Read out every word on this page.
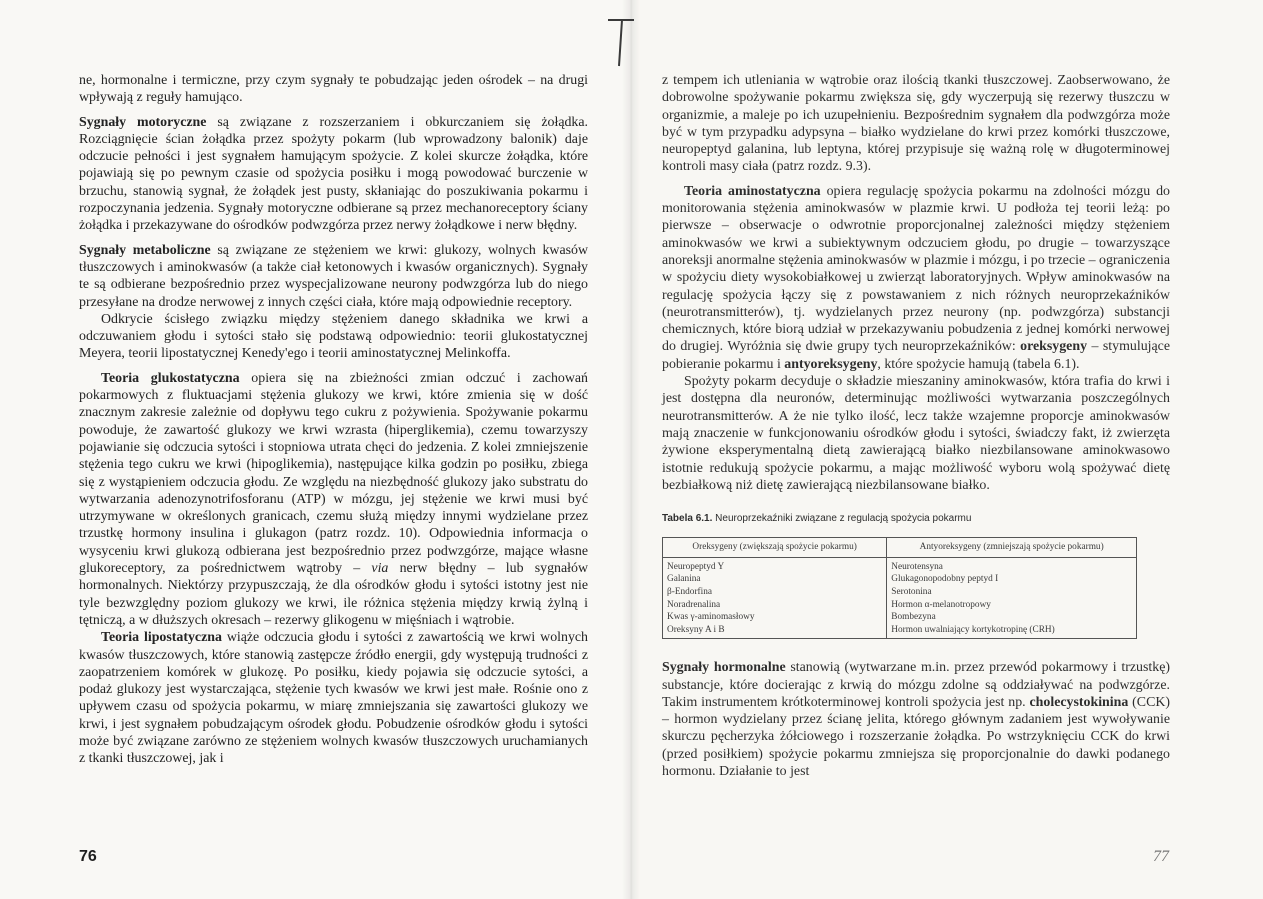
ne, hormonalne i termiczne, przy czym sygnały te pobudzając jeden ośrodek – na drugi wpływają z reguły hamująco.

Sygnały motoryczne są związane z rozszerzaniem i obkurczaniem się żołądka. Rozciągnięcie ścian żołądka przez spożyty pokarm (lub wprowadzony balonik) daje odczucie pełności i jest sygnałem hamującym spożycie. Z kolei skurcze żołądka, które pojawiają się po pewnym czasie od spożycia posiłku i mogą powodować burczenie w brzuchu, stanowią sygnał, że żołądek jest pusty, skłaniając do poszukiwania pokarmu i rozpoczynania jedzenia. Sygnały motoryczne odbierane są przez mechanoreceptory ściany żołądka i przekazywane do ośrodków podwzgórza przez nerwy żołądkowe i nerw błędny.

Sygnały metaboliczne są związane ze stężeniem we krwi: glukozy, wolnych kwasów tłuszczowych i aminokwasów (a także ciał ketonowych i kwasów organicznych). Sygnały te są odbierane bezpośrednio przez wyspecjalizowane neurony podwzgórza lub do niego przesyłane na drodze nerwowej z innych części ciała, które mają odpowiednie receptory.

Odkrycie ścisłego związku między stężeniem danego składnika we krwi a odczuwaniem głodu i sytości stało się podstawą odpowiednio: teorii glukostatycznej Meyera, teorii lipostatycznej Kenedy'ego i teorii aminostatycznej Melinkoffa.

Teoria glukostatyczna opiera się na zbieżności zmian odczuć i zachowań pokarmowych z fluktuacjami stężenia glukozy we krwi, które zmienia się w dość znacznym zakresie zależnie od dopływu tego cukru z pożywienia. Spożywanie pokarmu powoduje, że zawartość glukozy we krwi wzrasta (hiperglikemia), czemu towarzyszy pojawianie się odczucia sytości i stopniowa utrata chęci do jedzenia. Z kolei zmniejszenie stężenia tego cukru we krwi (hipoglikemia), następujące kilka godzin po posiłku, zbiega się z wystąpieniem odczucia głodu. Ze względu na niezbędność glukozy jako substratu do wytwarzania adenozynotrifosforanu (ATP) w mózgu, jej stężenie we krwi musi być utrzymywane w określonych granicach, czemu służą między innymi wydzielane przez trzustkę hormony insulina i glukagon (patrz rozdz. 10). Odpowiednia informacja o wysyceniu krwi glukozą odbierana jest bezpośrednio przez podwzgórze, mające własne glukoreceptory, za pośrednictwem wątroby – via nerw błędny – lub sygnałów hormonalnych. Niektórzy przypuszczają, że dla ośrodków głodu i sytości istotny jest nie tyle bezwzględny poziom glukozy we krwi, ile różnica stężenia między krwią żylną i tętniczą, a w dłuższych okresach – rezerwy glikogenu w mięśniach i wątrobie.

Teoria lipostatyczna wiąże odczucia głodu i sytości z zawartością we krwi wolnych kwasów tłuszczowych, które stanowią zastępcze źródło energii, gdy występują trudności z zaopatrzeniem komórek w glukozę. Po posiłku, kiedy pojawia się odczucie sytości, a podaż glukozy jest wystarczająca, stężenie tych kwasów we krwi jest małe. Rośnie ono z upływem czasu od spożycia pokarmu, w miarę zmniejszania się zawartości glukozy we krwi, i jest sygnałem pobudzającym ośrodek głodu. Pobudzenie ośrodków głodu i sytości może być związane zarówno ze stężeniem wolnych kwasów tłuszczowych uruchamianych z tkanki tłuszczowej, jak i

76

z tempem ich utleniania w wątrobie oraz ilością tkanki tłuszczowej. Zaobserwowano, że dobrowolne spożywanie pokarmu zwiększa się, gdy wyczerpują się rezerwy tłuszczu w organizmie, a maleje po ich uzupełnieniu. Bezpośrednim sygnałem dla podwzgórza może być w tym przypadku adypsyna – białko wydzielane do krwi przez komórki tłuszczowe, neuropeptyd galanina, lub leptyna, której przypisuje się ważną rolę w długoterminowej kontroli masy ciała (patrz rozdz. 9.3).

Teoria aminostatyczna opiera regulację spożycia pokarmu na zdolności mózgu do monitorowania stężenia aminokwasów w plazmie krwi. U podłoża tej teorii leżą: po pierwsze – obserwacje o odwrotnie proporcjonalnej zależności między stężeniem aminokwasów we krwi a subiektywnym odczuciem głodu, po drugie – towarzyszące anoreksji anormalne stężenia aminokwasów w plazmie i mózgu, i po trzecie – ograniczenia w spożyciu diety wysokobiałkowej u zwierząt laboratoryjnych. Wpływ aminokwasów na regulację spożycia łączy się z powstawaniem z nich różnych neuroprzekaźników (neurotransmitterów), tj. wydzielanych przez neurony (np. podwzgórza) substancji chemicznych, które biorą udział w przekazywaniu pobudzenia z jednej komórki nerwowej do drugiej. Wyróżnia się dwie grupy tych neuroprzekaźników: oreksygeny – stymulujące pobieranie pokarmu i antyoreksygeny, które spożycie hamują (tabela 6.1).

Spożyty pokarm decyduje o składzie mieszaniny aminokwasów, która trafia do krwi i jest dostępna dla neuronów, determinując możliwości wytwarzania poszczególnych neurotransmitterów. A że nie tylko ilość, lecz także wzajemne proporcje aminokwasów mają znaczenie w funkcjonowaniu ośrodków głodu i sytości, świadczy fakt, iż zwierzęta żywione eksperymentalną dietą zawierającą białko niezbilansowane aminokwasowo istotnie redukują spożycie pokarmu, a mając możliwość wyboru wolą spożywać dietę bezbiałkową niż dietę zawierającą niezbilansowane białko.

Tabela 6.1. Neuroprzekaźniki związane z regulacją spożycia pokarmu
Oreksygeny (zwiększają spożycie pokarmu)	Antyoreksygeny (zmniejszają spożycie pokarmu)
Neuropeptyd Y	Neurotensyna
Galanina	Glukagonopodobny peptyd I
β-Endorfina	Serotonina
Noradrenalina	Hormon α-melanotropowy
Kwas γ-aminomasłowy	Bombezyna
Oreksyny A i B	Hormon uwalniający kortykotropinę (CRH)

Sygnały hormonalne stanowią (wytwarzane m.in. przez przewód pokarmowy i trzustkę) substancje, które docierając z krwią do mózgu zdolne są oddziaływać na podwzgórze. Takim instrumentem krótkoterminowej kontroli spożycia jest np. cholecystokinina (CCK) – hormon wydzielany przez ścianę jelita, którego głównym zadaniem jest wywoływanie skurczu pęcherzyka żółciowego i rozszerzanie żołądka. Po wstrzyknięciu CCK do krwi (przed posiłkiem) spożycie pokarmu zmniejsza się proporcjonalnie do dawki podanego hormonu. Działanie to jest

77
